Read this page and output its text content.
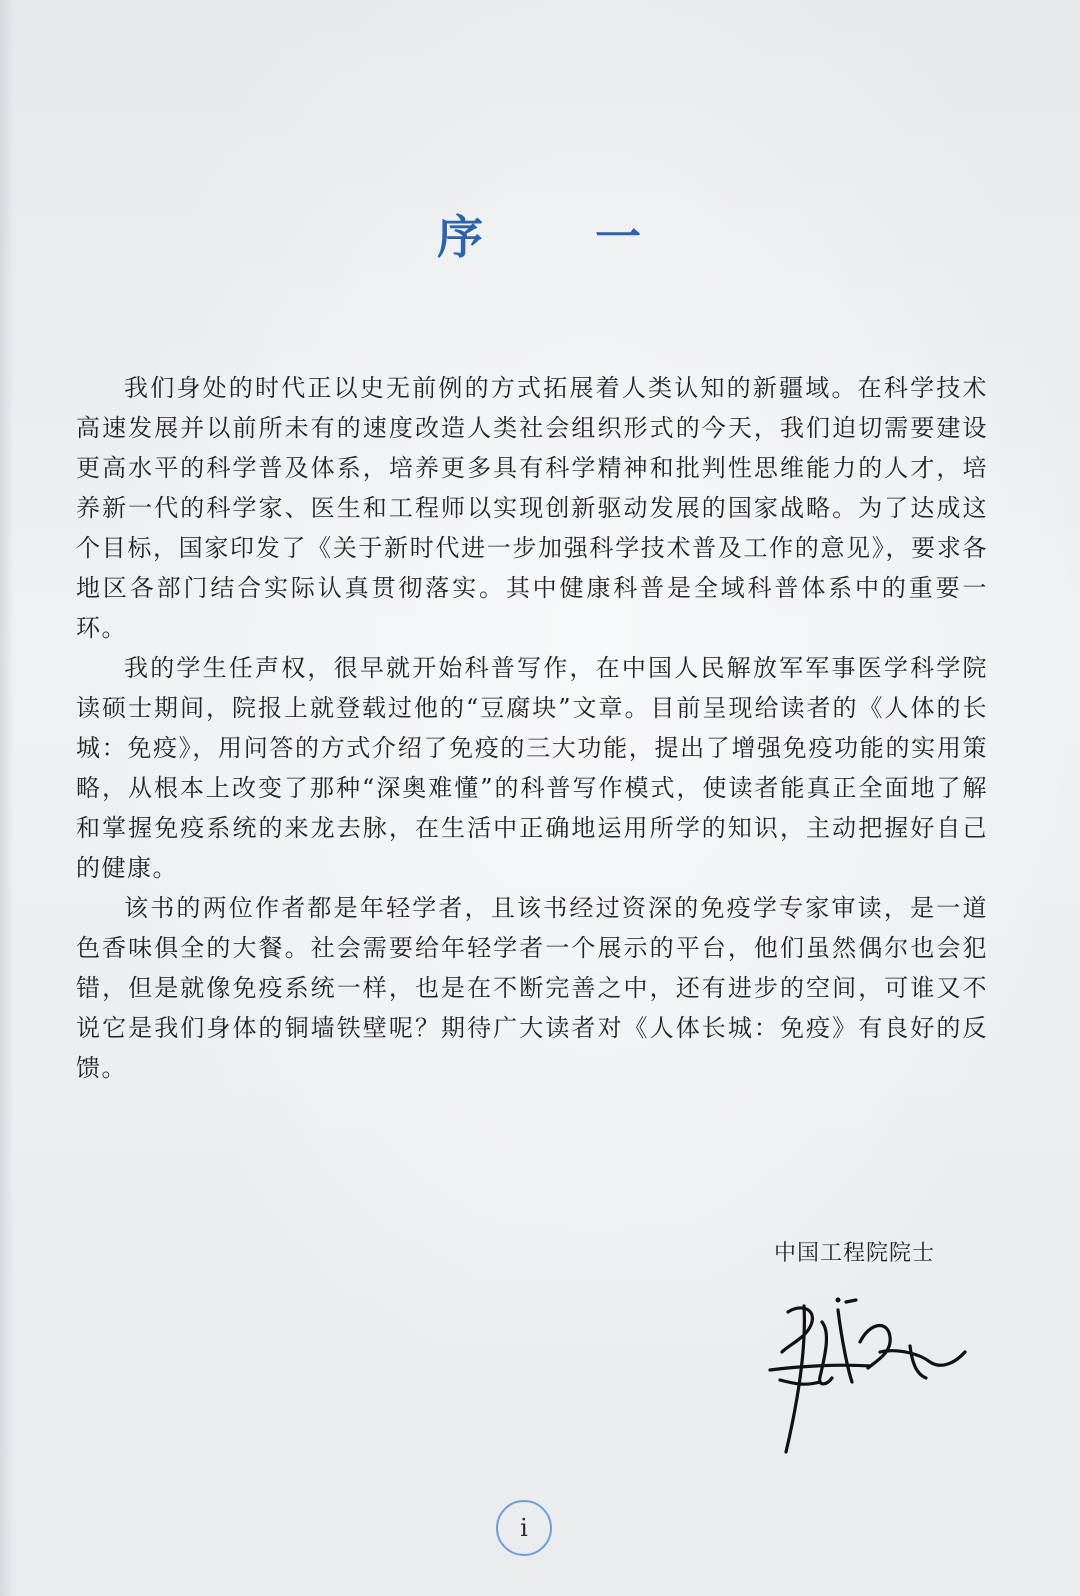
序 一

我们身处的时代正以史无前例的方式拓展着人类认知的新疆域。在科学技术高速发展并以前所未有的速度改造人类社会组织形式的今天，我们迫切需要建设更高水平的科学普及体系，培养更多具有科学精神和批判性思维能力的人才，培养新一代的科学家、医生和工程师以实现创新驱动发展的国家战略。为了达成这个目标，国家印发了《关于新时代进一步加强科学技术普及工作的意见》，要求各地区各部门结合实际认真贯彻落实。其中健康科普是全域科普体系中的重要一环。

我的学生任声权，很早就开始科普写作，在中国人民解放军军事医学科学院读硕士期间，院报上就登载过他的“豆腐块”文章。目前呈现给读者的《人体的长城：免疫》，用问答的方式介绍了免疫的三大功能，提出了增强免疫功能的实用策略，从根本上改变了那种“深奥难懂”的科普写作模式，使读者能真正全面地了解和掌握免疫系统的来龙去脉，在生活中正确地运用所学的知识，主动把握好自己的健康。

该书的两位作者都是年轻学者，且该书经过资深的免疫学专家审读，是一道色香味俱全的大餐。社会需要给年轻学者一个展示的平台，他们虽然偶尔也会犯错，但是就像免疫系统一样，也是在不断完善之中，还有进步的空间，可谁又不说它是我们身体的铜墙铁壁呢？期待广大读者对《人体长城：免疫》有良好的反馈。

中国工程院院士
i
